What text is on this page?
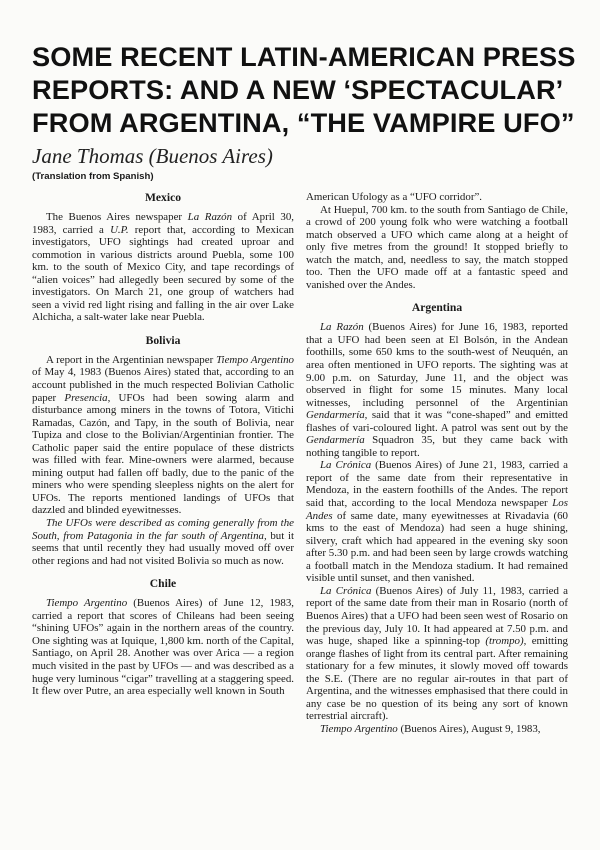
SOME RECENT LATIN-AMERICAN PRESS
REPORTS: AND A NEW ‘SPECTACULAR’
FROM ARGENTINA, “THE VAMPIRE UFO”
Jane Thomas (Buenos Aires)
(Translation from Spanish)
Mexico

The Buenos Aires newspaper La Razón of April 30, 1983, carried a U.P. report that, according to Mexican investigators, UFO sightings had created uproar and commotion in various districts around Puebla, some 100 km. to the south of Mexico City, and tape recordings of “alien voices” had allegedly been secured by some of the investigators. On March 21, one group of watchers had seen a vivid red light rising and falling in the air over Lake Alchicha, a salt-water lake near Puebla.

Bolivia

A report in the Argentinian newspaper Tiempo Argentino of May 4, 1983 (Buenos Aires) stated that, according to an account published in the much respected Bolivian Catholic paper Presencia, UFOs had been sowing alarm and disturbance among miners in the towns of Totora, Vitichi Ramadas, Cazón, and Tapy, in the south of Bolivia, near Tupiza and close to the Bolivian/Argentinian frontier. The Catholic paper said the entire populace of these districts was filled with fear. Mine-owners were alarmed, because mining output had fallen off badly, due to the panic of the miners who were spending sleepless nights on the alert for UFOs. The reports mentioned landings of UFOs that dazzled and blinded eyewitnesses.

The UFOs were described as coming generally from the South, from Patagonia in the far south of Argentina, but it seems that until recently they had usually moved off over other regions and had not visited Bolivia so much as now.

Chile

Tiempo Argentino (Buenos Aires) of June 12, 1983, carried a report that scores of Chileans had been seeing “shining UFOs” again in the northern areas of the country. One sighting was at Iquique, 1,800 km. north of the Capital, Santiago, on April 28. Another was over Arica — a region much visited in the past by UFOs — and was described as a huge very luminous “cigar” travelling at a staggering speed. It flew over Putre, an area especially well known in South

American Ufology as a “UFO corridor”.

At Huepul, 700 km. to the south from Santiago de Chile, a crowd of 200 young folk who were watching a football match observed a UFO which came along at a height of only five metres from the ground! It stopped briefly to watch the match, and, needless to say, the match stopped too. Then the UFO made off at a fantastic speed and vanished over the Andes.

Argentina

La Razón (Buenos Aires) for June 16, 1983, reported that a UFO had been seen at El Bolsón, in the Andean foothills, some 650 kms to the south-west of Neuquén, an area often mentioned in UFO reports. The sighting was at 9.00 p.m. on Saturday, June 11, and the object was observed in flight for some 15 minutes. Many local witnesses, including personnel of the Argentinian Gendarmería, said that it was “cone-shaped” and emitted flashes of vari-coloured light. A patrol was sent out by the Gendarmería Squadron 35, but they came back with nothing tangible to report.

La Crónica (Buenos Aires) of June 21, 1983, carried a report of the same date from their representative in Mendoza, in the eastern foothills of the Andes. The report said that, according to the local Mendoza newspaper Los Andes of same date, many eyewitnesses at Rivadavia (60 kms to the east of Mendoza) had seen a huge shining, silvery, craft which had appeared in the evening sky soon after 5.30 p.m. and had been seen by large crowds watching a football match in the Mendoza stadium. It had remained visible until sunset, and then vanished.

La Crónica (Buenos Aires) of July 11, 1983, carried a report of the same date from their man in Rosario (north of Buenos Aires) that a UFO had been seen west of Rosario on the previous day, July 10. It had appeared at 7.50 p.m. and was huge, shaped like a spinning-top (trompo), emitting orange flashes of light from its central part. After remaining stationary for a few minutes, it slowly moved off towards the S.E. (There are no regular air-routes in that part of Argentina, and the witnesses emphasised that there could in any case be no question of its being any sort of known terrestrial aircraft).

Tiempo Argentino (Buenos Aires), August 9, 1983,
